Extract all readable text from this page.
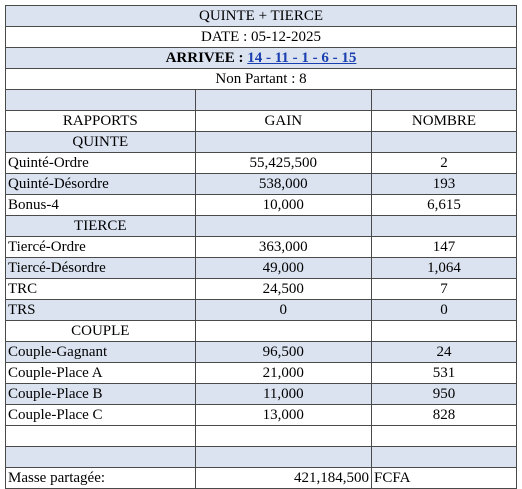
QUINTE + TIERCE		
DATE : 05-12-2025		
ARRIVEE : 14 - 11 - 1 - 6 - 15		
Non Partant : 8		

RAPPORTS	GAIN	NOMBRE
QUINTE		
Quinté-Ordre	55,425,500	2
Quinté-Désordre	538,000	193
Bonus-4	10,000	6,615
TIERCE		
Tiercé-Ordre	363,000	147
Tiercé-Désordre	49,000	1,064
TRC	24,500	7
TRS	0	0
COUPLE		
Couple-Gagnant	96,500	24
Couple-Place A	21,000	531
Couple-Place B	11,000	950
Couple-Place C	13,000	828

Masse partagée:	421,184,500	FCFA
